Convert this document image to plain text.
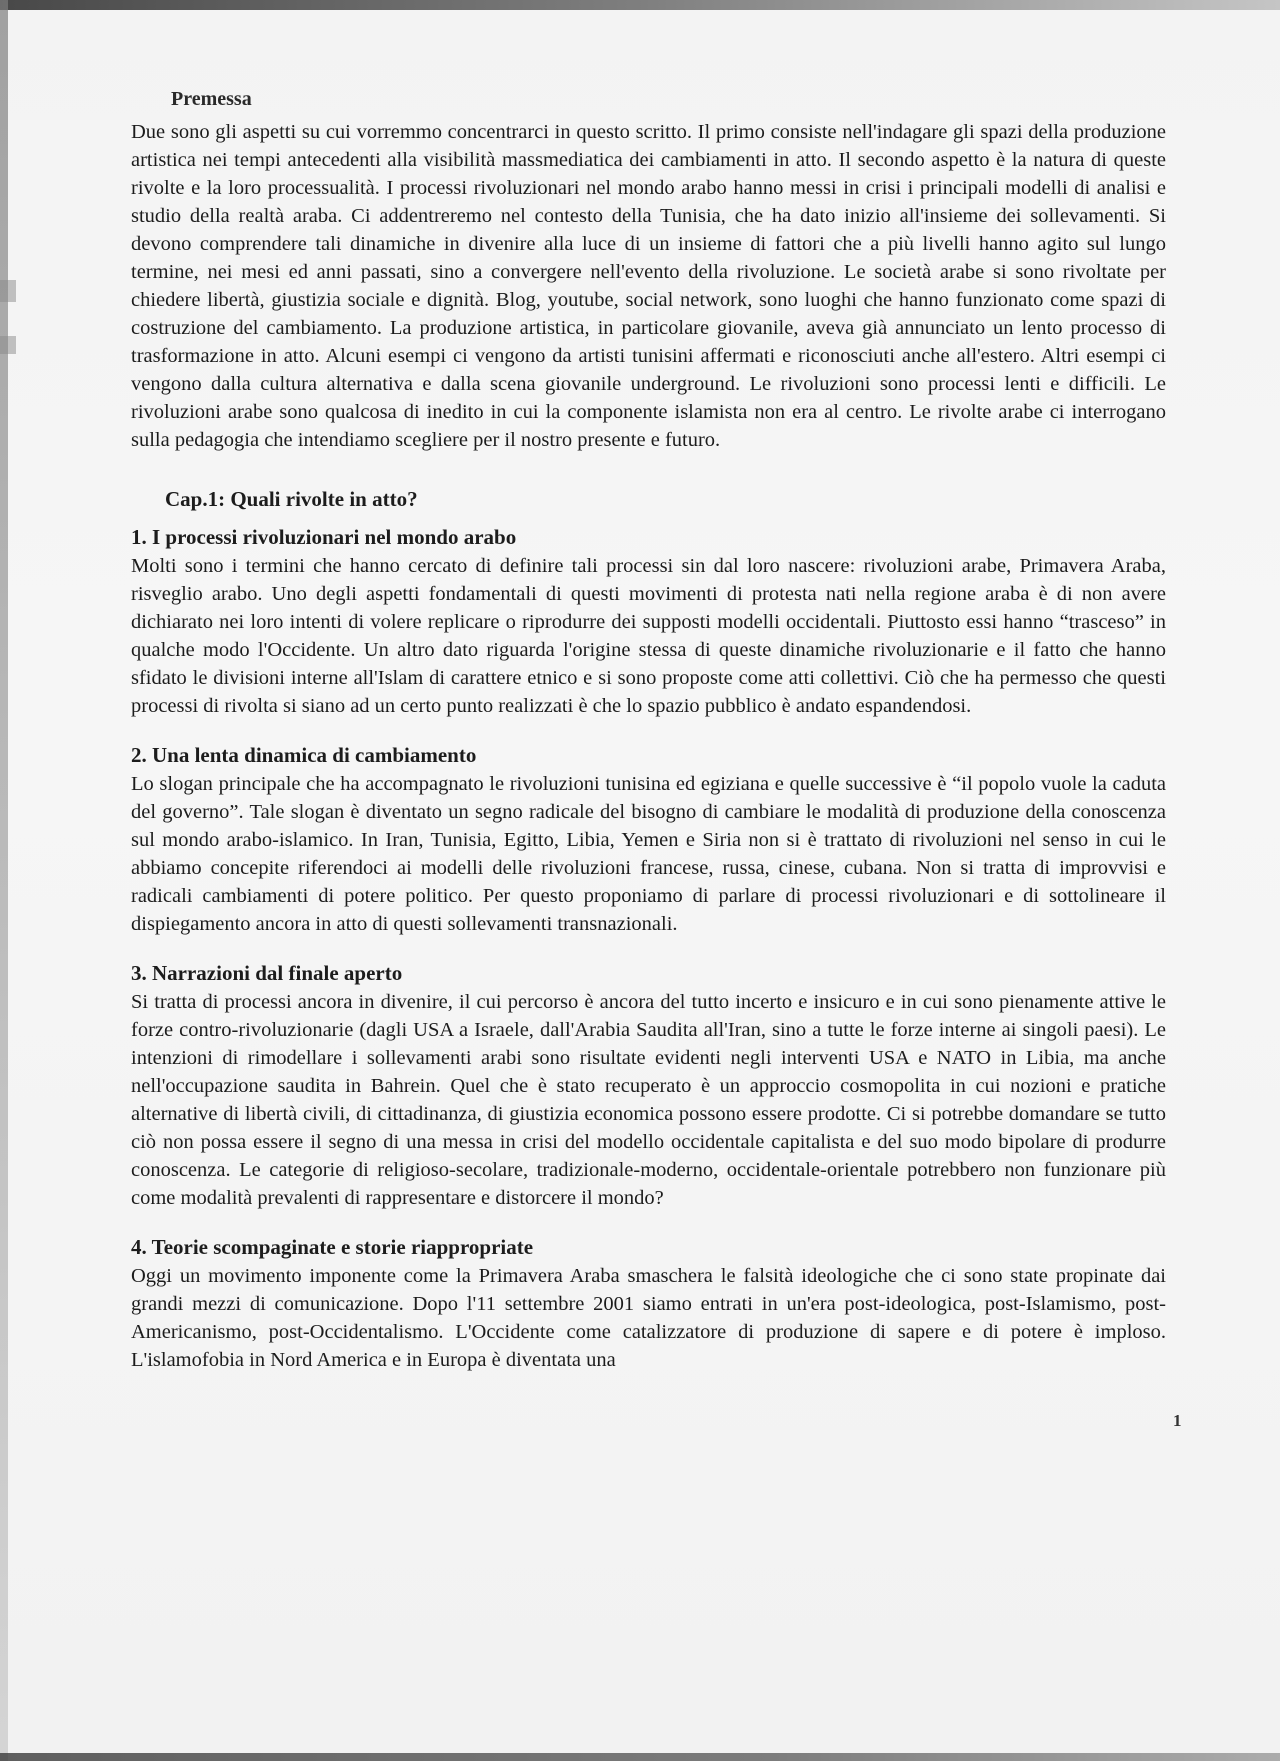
Premessa

Due sono gli aspetti su cui vorremmo concentrarci in questo scritto. Il primo consiste nell'indagare gli spazi della produzione artistica nei tempi antecedenti alla visibilità massmediatica dei cambiamenti in atto. Il secondo aspetto è la natura di queste rivolte e la loro processualità. I processi rivoluzionari nel mondo arabo hanno messi in crisi i principali modelli di analisi e studio della realtà araba. Ci addentreremo nel contesto della Tunisia, che ha dato inizio all'insieme dei sollevamenti. Si devono comprendere tali dinamiche in divenire alla luce di un insieme di fattori che a più livelli hanno agito sul lungo termine, nei mesi ed anni passati, sino a convergere nell'evento della rivoluzione. Le società arabe si sono rivoltate per chiedere libertà, giustizia sociale e dignità. Blog, youtube, social network, sono luoghi che hanno funzionato come spazi di costruzione del cambiamento. La produzione artistica, in particolare giovanile, aveva già annunciato un lento processo di trasformazione in atto. Alcuni esempi ci vengono da artisti tunisini affermati e riconosciuti anche all'estero. Altri esempi ci vengono dalla cultura alternativa e dalla scena giovanile underground. Le rivoluzioni sono processi lenti e difficili. Le rivoluzioni arabe sono qualcosa di inedito in cui la componente islamista non era al centro. Le rivolte arabe ci interrogano sulla pedagogia che intendiamo scegliere per il nostro presente e futuro.

Cap.1: Quali rivolte in atto?
1. I processi rivoluzionari nel mondo arabo

Molti sono i termini che hanno cercato di definire tali processi sin dal loro nascere: rivoluzioni arabe, Primavera Araba, risveglio arabo. Uno degli aspetti fondamentali di questi movimenti di protesta nati nella regione araba è di non avere dichiarato nei loro intenti di volere replicare o riprodurre dei supposti modelli occidentali. Piuttosto essi hanno “trasceso” in qualche modo l'Occidente. Un altro dato riguarda l'origine stessa di queste dinamiche rivoluzionarie e il fatto che hanno sfidato le divisioni interne all'Islam di carattere etnico e si sono proposte come atti collettivi. Ciò che ha permesso che questi processi di rivolta si siano ad un certo punto realizzati è che lo spazio pubblico è andato espandendosi.

2. Una lenta dinamica di cambiamento

Lo slogan principale che ha accompagnato le rivoluzioni tunisina ed egiziana e quelle successive è “il popolo vuole la caduta del governo”. Tale slogan è diventato un segno radicale del bisogno di cambiare le modalità di produzione della conoscenza sul mondo arabo-islamico. In Iran, Tunisia, Egitto, Libia, Yemen e Siria non si è trattato di rivoluzioni nel senso in cui le abbiamo concepite riferendoci ai modelli delle rivoluzioni francese, russa, cinese, cubana. Non si tratta di improvvisi e radicali cambiamenti di potere politico. Per questo proponiamo di parlare di processi rivoluzionari e di sottolineare il dispiegamento ancora in atto di questi sollevamenti transnazionali.

3. Narrazioni dal finale aperto

Si tratta di processi ancora in divenire, il cui percorso è ancora del tutto incerto e insicuro e in cui sono pienamente attive le forze contro-rivoluzionarie (dagli USA a Israele, dall'Arabia Saudita all'Iran, sino a tutte le forze interne ai singoli paesi). Le intenzioni di rimodellare i sollevamenti arabi sono risultate evidenti negli interventi USA e NATO in Libia, ma anche nell'occupazione saudita in Bahrein. Quel che è stato recuperato è un approccio cosmopolita in cui nozioni e pratiche alternative di libertà civili, di cittadinanza, di giustizia economica possono essere prodotte. Ci si potrebbe domandare se tutto ciò non possa essere il segno di una messa in crisi del modello occidentale capitalista e del suo modo bipolare di produrre conoscenza. Le categorie di religioso-secolare, tradizionale-moderno, occidentale-orientale potrebbero non funzionare più come modalità prevalenti di rappresentare e distorcere il mondo?

4. Teorie scompaginate e storie riappropriate

Oggi un movimento imponente come la Primavera Araba smaschera le falsità ideologiche che ci sono state propinate dai grandi mezzi di comunicazione. Dopo l'11 settembre 2001 siamo entrati in un'era post-ideologica, post-Islamismo, post-Americanismo, post-Occidentalismo. L'Occidente come catalizzatore di produzione di sapere e di potere è imploso. L'islamofobia in Nord America e in Europa è diventata una

1
